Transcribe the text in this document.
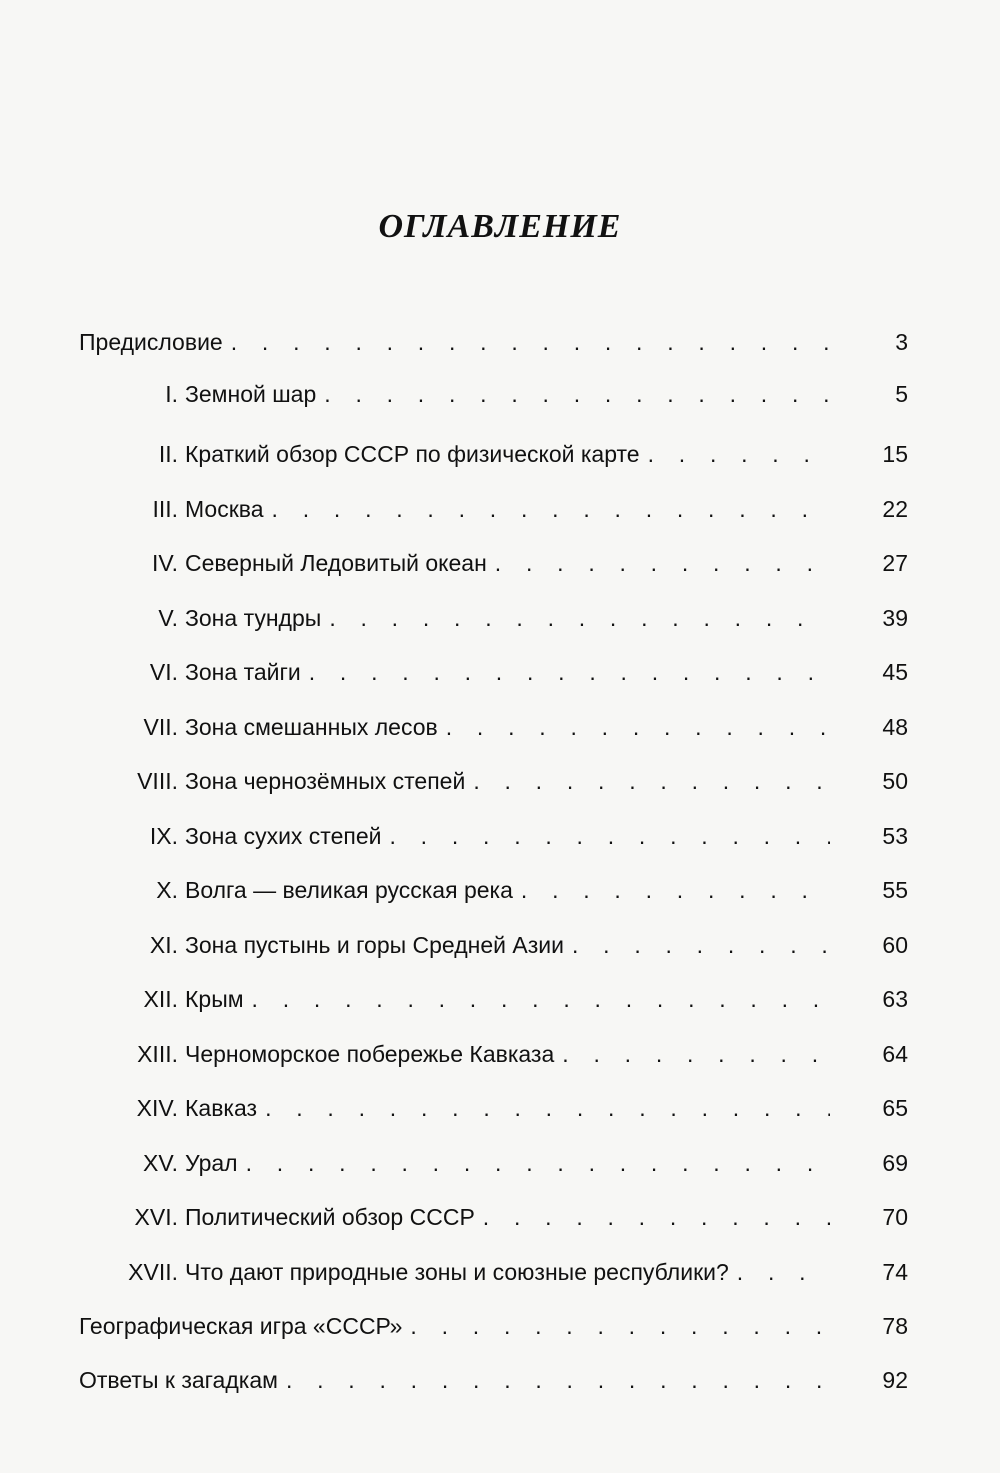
ОГЛАВЛЕНИЕ
Предисловие . . .	3
I. Земной шар . . .	5
II. Краткий обзор СССР по физической карте . . .	15
III. Москва . . .	22
IV. Северный Ледовитый океан . . .	27
V. Зона тундры . . .	39
VI. Зона тайги . . .	45
VII. Зона смешанных лесов . . .	48
VIII. Зона чернозёмных степей . . .	50
IX. Зона сухих степей . . .	53
X. Волга — великая русская река . . .	55
XI. Зона пустынь и горы Средней Азии . . .	60
XII. Крым . . .	63
XIII. Черноморское побережье Кавказа . . .	64
XIV. Кавказ . . .	65
XV. Урал . . .	69
XVI. Политический обзор СССР . . .	70
XVII. Что дают природные зоны и союзные республики? . . .	74
Географическая игра «СССР» . . .	78
Ответы к загадкам . . .	92
